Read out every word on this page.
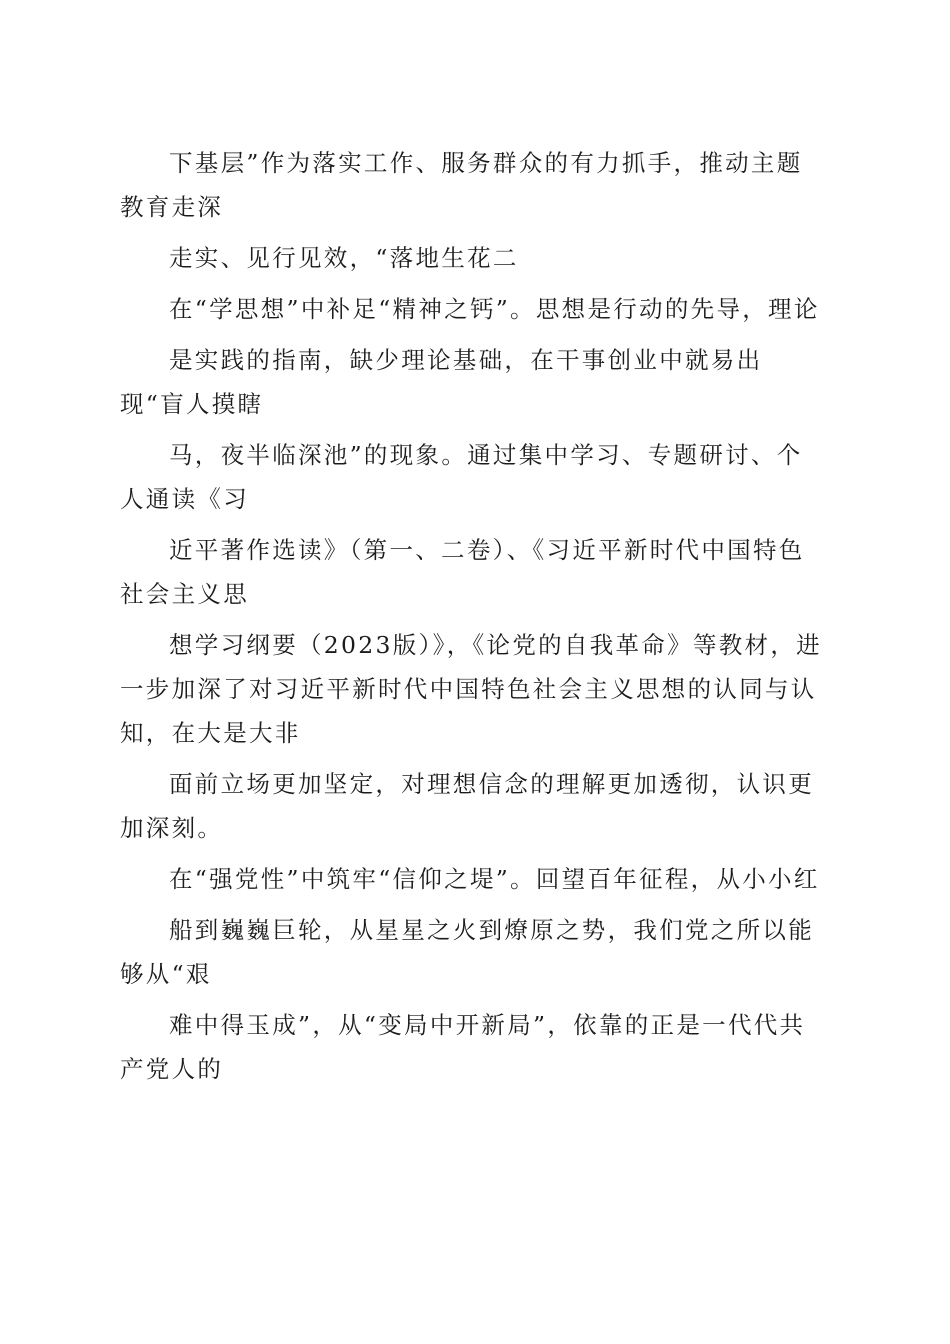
下基层”作为落实工作、服务群众的有力抓手，推动主题教育走深

走实、见行见效，“落地生花二

在“学思想”中补足“精神之钙”。思想是行动的先导，理论

是实践的指南，缺少理论基础，在干事创业中就易出现“盲人摸瞎

马，夜半临深池”的现象。通过集中学习、专题研讨、个人通读《习

近平著作选读》（第一、二卷）、《习近平新时代中国特色社会主义思

想学习纲要（2023版）》，《论党的自我革命》等教材，进一步加深了对习近平新时代中国特色社会主义思想的认同与认知，在大是大非

面前立场更加坚定，对理想信念的理解更加透彻，认识更加深刻。

在“强党性”中筑牢“信仰之堤”。回望百年征程，从小小红

船到巍巍巨轮，从星星之火到燎原之势，我们党之所以能够从“艰

难中得玉成”，从“变局中开新局”，依靠的正是一代代共产党人的
